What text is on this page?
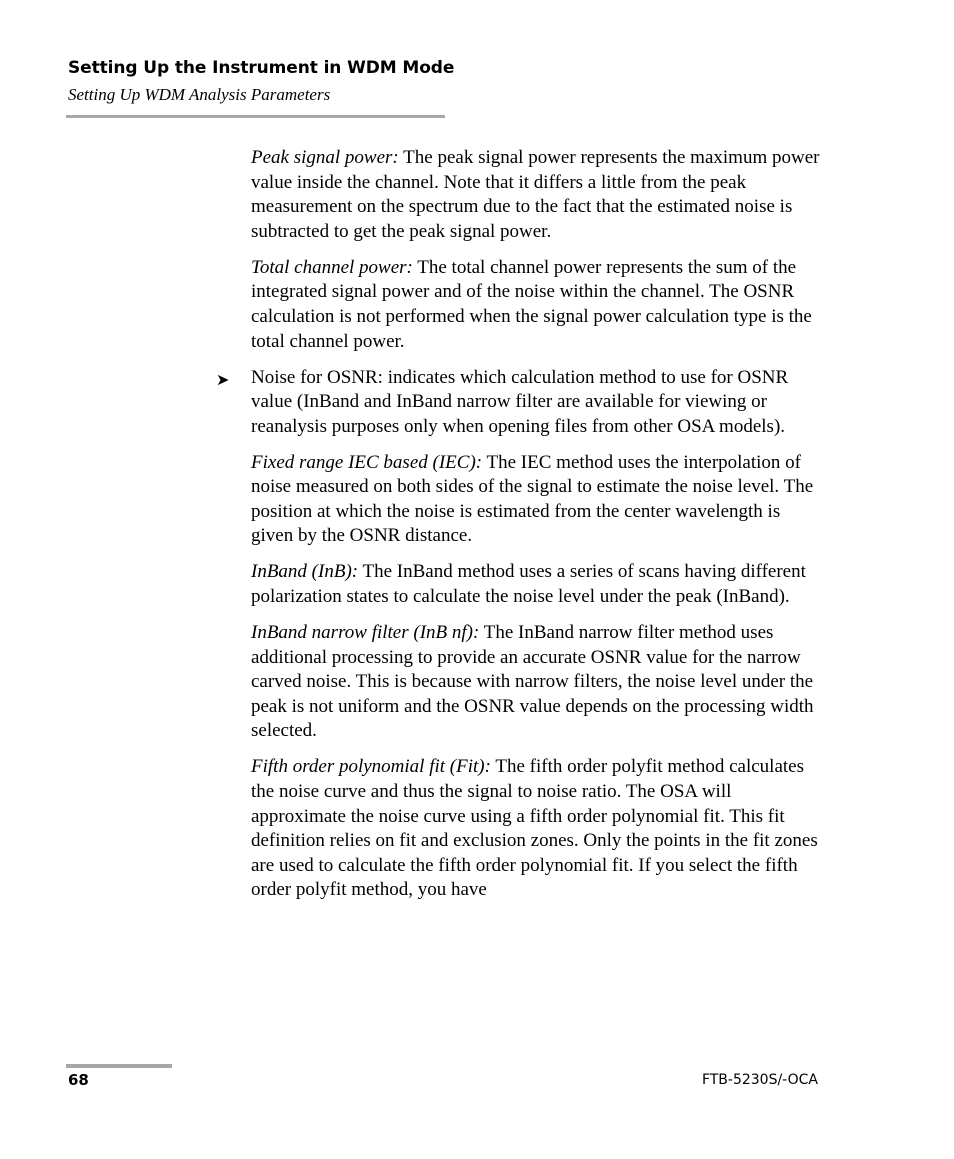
Setting Up the Instrument in WDM Mode
Setting Up WDM Analysis Parameters

Peak signal power: The peak signal power represents the maximum power value inside the channel. Note that it differs a little from the peak measurement on the spectrum due to the fact that the estimated noise is subtracted to get the peak signal power.

Total channel power: The total channel power represents the sum of the integrated signal power and of the noise within the channel. The OSNR calculation is not performed when the signal power calculation type is the total channel power.

➤ Noise for OSNR: indicates which calculation method to use for OSNR value (InBand and InBand narrow filter are available for viewing or reanalysis purposes only when opening files from other OSA models).

Fixed range IEC based (IEC): The IEC method uses the interpolation of noise measured on both sides of the signal to estimate the noise level. The position at which the noise is estimated from the center wavelength is given by the OSNR distance.

InBand (InB): The InBand method uses a series of scans having different polarization states to calculate the noise level under the peak (InBand).

InBand narrow filter (InB nf): The InBand narrow filter method uses additional processing to provide an accurate OSNR value for the narrow carved noise. This is because with narrow filters, the noise level under the peak is not uniform and the OSNR value depends on the processing width selected.

Fifth order polynomial fit (Fit): The fifth order polyfit method calculates the noise curve and thus the signal to noise ratio. The OSA will approximate the noise curve using a fifth order polynomial fit. This fit definition relies on fit and exclusion zones. Only the points in the fit zones are used to calculate the fifth order polynomial fit. If you select the fifth order polyfit method, you have

68	FTB-5230S/-OCA
